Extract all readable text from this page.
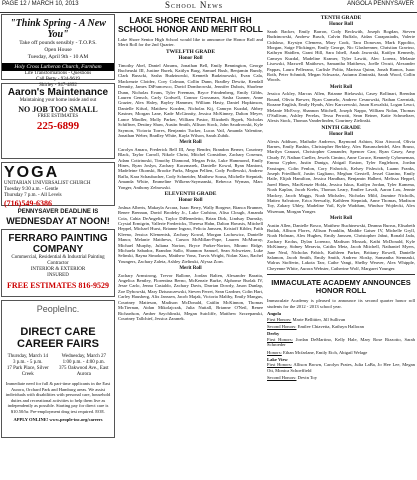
PAGE 12 / MARCH 10, 2013	School News	ANGOLA PENNYSAVER
"Think Spring - A New You"
Take off pounds sensibly - T.O.P.S.
Open House
Tuesday, April 9th - 10 AM
Holy Cross Lutheran Church, Farnham
Life Transformations - Questions
Call Betty - 934-9619
Shirley - 947-4892
Aaron's Maintenance
Maintaining your home inside and out
NO JOB TOO SMALL
FREE ESTIMATES
225-6899
YOGA
UNITARIAN UNIVERSALIST CHURCH
Tuesday 9:30 a.m. - Gentle
Thursday 7 p.m. - All Levels
(716)549-6386
PENNYSAVER DEADLINE IS
WEDNESDAY AT NOON!
FERRARO PAINTING COMPANY
Commercial, Residential & Industrial Painting Contractor
INTERIOR & EXTERIOR
INSURED
FREE ESTIMATES 816-9529
PeopleInc.
DIRECT CARE CAREER FAIRS
Thursday, March 14
3 p.m. - 5 p.m.
17 Park Place, Silver Creek
Wednesday, March 27
1:00 p.m. - 4:00 p.m.
375 Oakwood Ave., East Aurora
Immediate need for full & part-time applicants in the East Aurora, Orchard Park and Hamburg areas. We assist individuals with disabilities with personal care, household duties and recreational activities to help them live as independently as possible. Starting pay for direct care is $10.50/hr. Pre-employment drug test required. EOE.
APPLY ONLINE! www.people-inc.org/careers
LAKE SHORE CENTRAL HIGH SCHOOL HONOR AND MERIT ROLL

Lake Shore Senior High School would like to announce the Honor Roll and Merit Roll for the 2nd Quarter.

TWELFTH GRADE
Honor Roll

Timothy Abel, Daniel Abrams, Jonathan Bell, Emily Bennington, George Bucheuski III, Justine Burek, Kaitlyn Burg, Samuel Bush, Benjamin Bundy, Clark Busscki, Sasha Budzinowki, Kenneth Budzinowski, Evan Cala, Mackenzie Cloidez, Cory Colman, Collin Dunn, Bradley Dewitz, Kendall Dennity, James DiFrancesco, David Dombrowski, Jennifer Dubois, Sharlene Dunn, Nicholas Evans, Tyler Freeman, Bryce Frindenberg, Emily Gibbs, Lauren Gensch, Carly Godwell, Connor Grossman, Sasha Gunner, Anne Grazier, Alex Haley, Bayley Hammer, William Hasty, Daniel Hopkinson, Danielle Kifurl, Matthew Kozden, Nicholas Kij, Camryn Kuzdal, Abbey Kastner, Morgan Lane, Kade McGinnity, Jessica McKinney, Dalton Meyer, Lance Mindler, Molly Parker, William Pastor, Elizabeth Rypek, Nicholas Schiffner, Destiny Shaw, Austin Smith, Allison Stock, John Szudrowski, Kyle Szymon, Victoria Torres, Benjamin Tucker, Lucas Vail, Amanda Valentine, Jonathan Weber, Bradley White, Kayla Wilson, Sarah Zubik.

Merit Roll

Carolyn Amara, Frederick Bell III, Amy Bender, Brandon Berner, Courtney Black, Taylor Carroll, Nikole Christ, Mitchel Considine, Zachary Cosenza, Adam Cottrinoski, Timothy Diamond, Megan Fritz, Luke Hammond, Emily Hines, Ryan Joslyn, Zachary Kaczmarek, Danielle Kowal, Ryan Manioni, Madeleine Okonski, Brooke Parks, Megan Pellien, Cody Podlewski, Andrew Rafla, Kara Schaubacher, Cody Schneider, Matthew Sousa, Michelle Stepniak, Amanda White, Emmeline Wilkens-Szymanski, Rebecca Wyman, Marc Yonger, Anthony Zelnowski.

ELEVENTH GRADE
Honor Roll

Joshua Alberts, Makayla Arcara, Isaac Berry, Wally Borgese, Bianca Brunner, Renee Brennan, David Brodeky Jr., Luke Carlsino, Alisa Clough, Amanda Coia, Cahia DeAngelis, Taylor DiBenedetto, Brian Dirk, Lindsay Durnsky, Crystal Ermigrin, Vallerie Fredericks, Theresa Hahn, Dalton Havasis, Mitchell Heppel, Michael Hurst, Brianne Ingrao, Felicia Janssen, Kristoff Kibler, Faith Kleeno, Jessica Klementsk, Zachary Kowal, Morgan Lachowicz, Danielle Manor, Melanie Matthews, Carson McMillan-Pope, Lauren McMurray, Michael Murphy, Juliana Norton, Bryce Parker-Norton, Mirano Ridge, Michaela Sabadoz, Brandon Sallo, Shannon Samuel, Sean Schweizer, Luke Selinski, Rayna Simokurs, Matthew Vona, Travis Wright, Nolan Xiao, Rachel Youngers, Zachary Zaleta, Ashley Zielinski, Alyssa Zorn.

Merit Roll

Zachary Armstrong, Trevor Ballone, Jordan Balten, Alexander Baratta, Angelica Bentley, Florentina Berno, McKenzie Burke, Alphonse Burlak IV, Jesse Carlo, Jenna Castaldo, Zachary Davis, Darrian Dowdy, Jason Dunlap, Zoe Dybowski, Mary Dziuraczewski, Steven Ferret, Sean Gardner, Colin Hart, Carley Hausberg, Alix Janssen, Jacob Majak, Victoria Maltby, Emily Mangus, Courtney Matteson, Madison McDonald, Caitlin McKinnon, Thomas McTiernan, Aidan Mikolajczak, Julia Nuttall, Brianne O'Neil, Renee Richardson, Amber Szychlinski, Megan Sutcliffe, Matthew Szczepanski, Courtney Tallchief, Jessica Zaranek.

TENTH GRADE
Honor Roll

Sarah Backer, Emily Barron, Cody Beckwith, Joseph Bogdan, Steven Budzinowski, Andrew Busch, Calvin Buffalo, Aidan Carapasiadis, Valerie Cidaloso, Krystyn Clemens, Mary Cook, Tara Donovan, Mark Eppolito, Morgan, Saige Flickinger, Emily George, Nic Glasbrenner, Christian Gravino, Kathryn Haidlen, Grant Hill, Sara Isbell, Anah Jaworski, Kaitlyn Kennedy, Camryn Kuzdal, Madeline Kramer, Tyler Lawitt, Alec Lorenz, Melanie Lisowski, Maxwell Matthews, Samantha Matthews, Joelle Orcutt, Alexander Pappas, Laura Pellerano, Carlisle Polito, Marissa Quinn, Jonah Ramos, Isaac Roth, Peter Schmidt, Megan Schwartz, Autumn Ziminski, Sarah Wood, Collin Woods.

Merit Roll

Jessica Ackley, Marcus Allen, Brianne Bielawski, Casey Bollinari, Brendan Bound, Olivia Brewer, Ryan Carmelo, Andrew Cesnowski, Nathan Czerniak, Rozane English, Emily Hynds, Alec Karczewski, Jason Kowalski, Logan Leuci, Melanie McEvoy, Shannon Mitchell, Joseph Nappo, William Nolan, Thomas O'Sullivan, Ashley Perelas, Tessa Perrotti, Sean Reiner, Katie Schmeltzer, Alexis Stock, Thomas Vanderlinden, Courtney Zielinski.

NINTH GRADE
Honor Roll

Alexis Addison, Mathalie Andrews, Raymond Ashton, Kira Atwood, Olivia Barnes, Emily Bushin, Christopher Berkley, Alex Braunscheidel, Alex Bruno, Marilyn Canazzi, Christopher Camander, Spencer Carr, Ryan Casey, Amy Chudy IV, Nathan Cueller, Jewels Cimino, Anne Corace, Kennedy Cyhrmeman, Emma Cypher, Justin Daniga, Abigail Easton, Tyler Englehorn, Jordan Fassinger, Colin Fenlon, Cory Fishwick, Kelsey Fishwick, Luann Franks, Joseph Friedlhoff, Justin Gagliano, Meghan Gerstell, Jessel Gianino, Emily Haile, Elijah Hamilton, Jessica Handban, Benjamin Halbert, Melissa Heppel, Jared Hines, MacKenzie Holda, Jessica Iskus, Kaitlyn Jordan, Tyler Kamena, Noah Kaplan, Jacob Krebs, Thomas Leary, Emilee Lavali, Aaron Lou, Jennie Mackey, Jacob Maggs, Noah Michalec, Nicholas Mild, Jasmine Nicholls, Matteo Salvatore, Erica Seewalty, Kathleen Stepniak, Anne Thomas, Madison Toy, Zakary Uhley, Madeline Vail, Kyle Waddum, Windsor Wojdecki, Alex Wiseman, Morgan Yonger.

Merit Roll

Austin Allen, Danielle Bosco, Matthew Buchinewski, Deanna Burrus, Elisabeth Butlak, Allison Flores, Allison Franklin, Maddie Gaiser IV, Michelle Gryll, Noah Holman, Alex Hughes, Emily Janssen, Christopher Jabut, Ronald Jada, Zachary Krolus, Dylan Lorenzo, Madison Mosurk, Kathi McDonald, Kyle McKinney, Sidney Meravia, Caitlin Metz, Jacob Mitchell, Nathaniel Myers, Jane Neal, Nicholas Pabich, Kathleen Parker, Brittany Rowell, Danielle Salamon, Jacob Smith, Emily Smith, Andrew Slosky, Samantha Stennaski, Walrus Stofferin, Lakota Tarr, Cathe Vangi, Shelby Weaver, Alex Whipple, Cheyenne White, Aurora Webster, Catherine Wolf, Margaret Younger.

IMMACULATE ACADEMY ANNOUNCES HONOR ROLL

Immaculate Academy is pleased to announce its second quarter honor roll students for the 2012 - 2013 school year.

Angola

First Honors: Marie Bellittier, Jill Sullivan

Second Honors: Emilee Chiavetta, Kathryn Halloran

Derby

First Honors: Jordan DeMartino, Kelly Hale, Mary Rose Rizzotto, Sarah Schroeder

Honors: Ethan Mcfarlane, Emily Eich, Abigail Welage

Lake View

First Honors: Allison Brown, Carolyn Prates, Julia LaBa, Jo Hee Lee, Megan Ott, Monica Schoeffield

Second Honors: Devin Toy
